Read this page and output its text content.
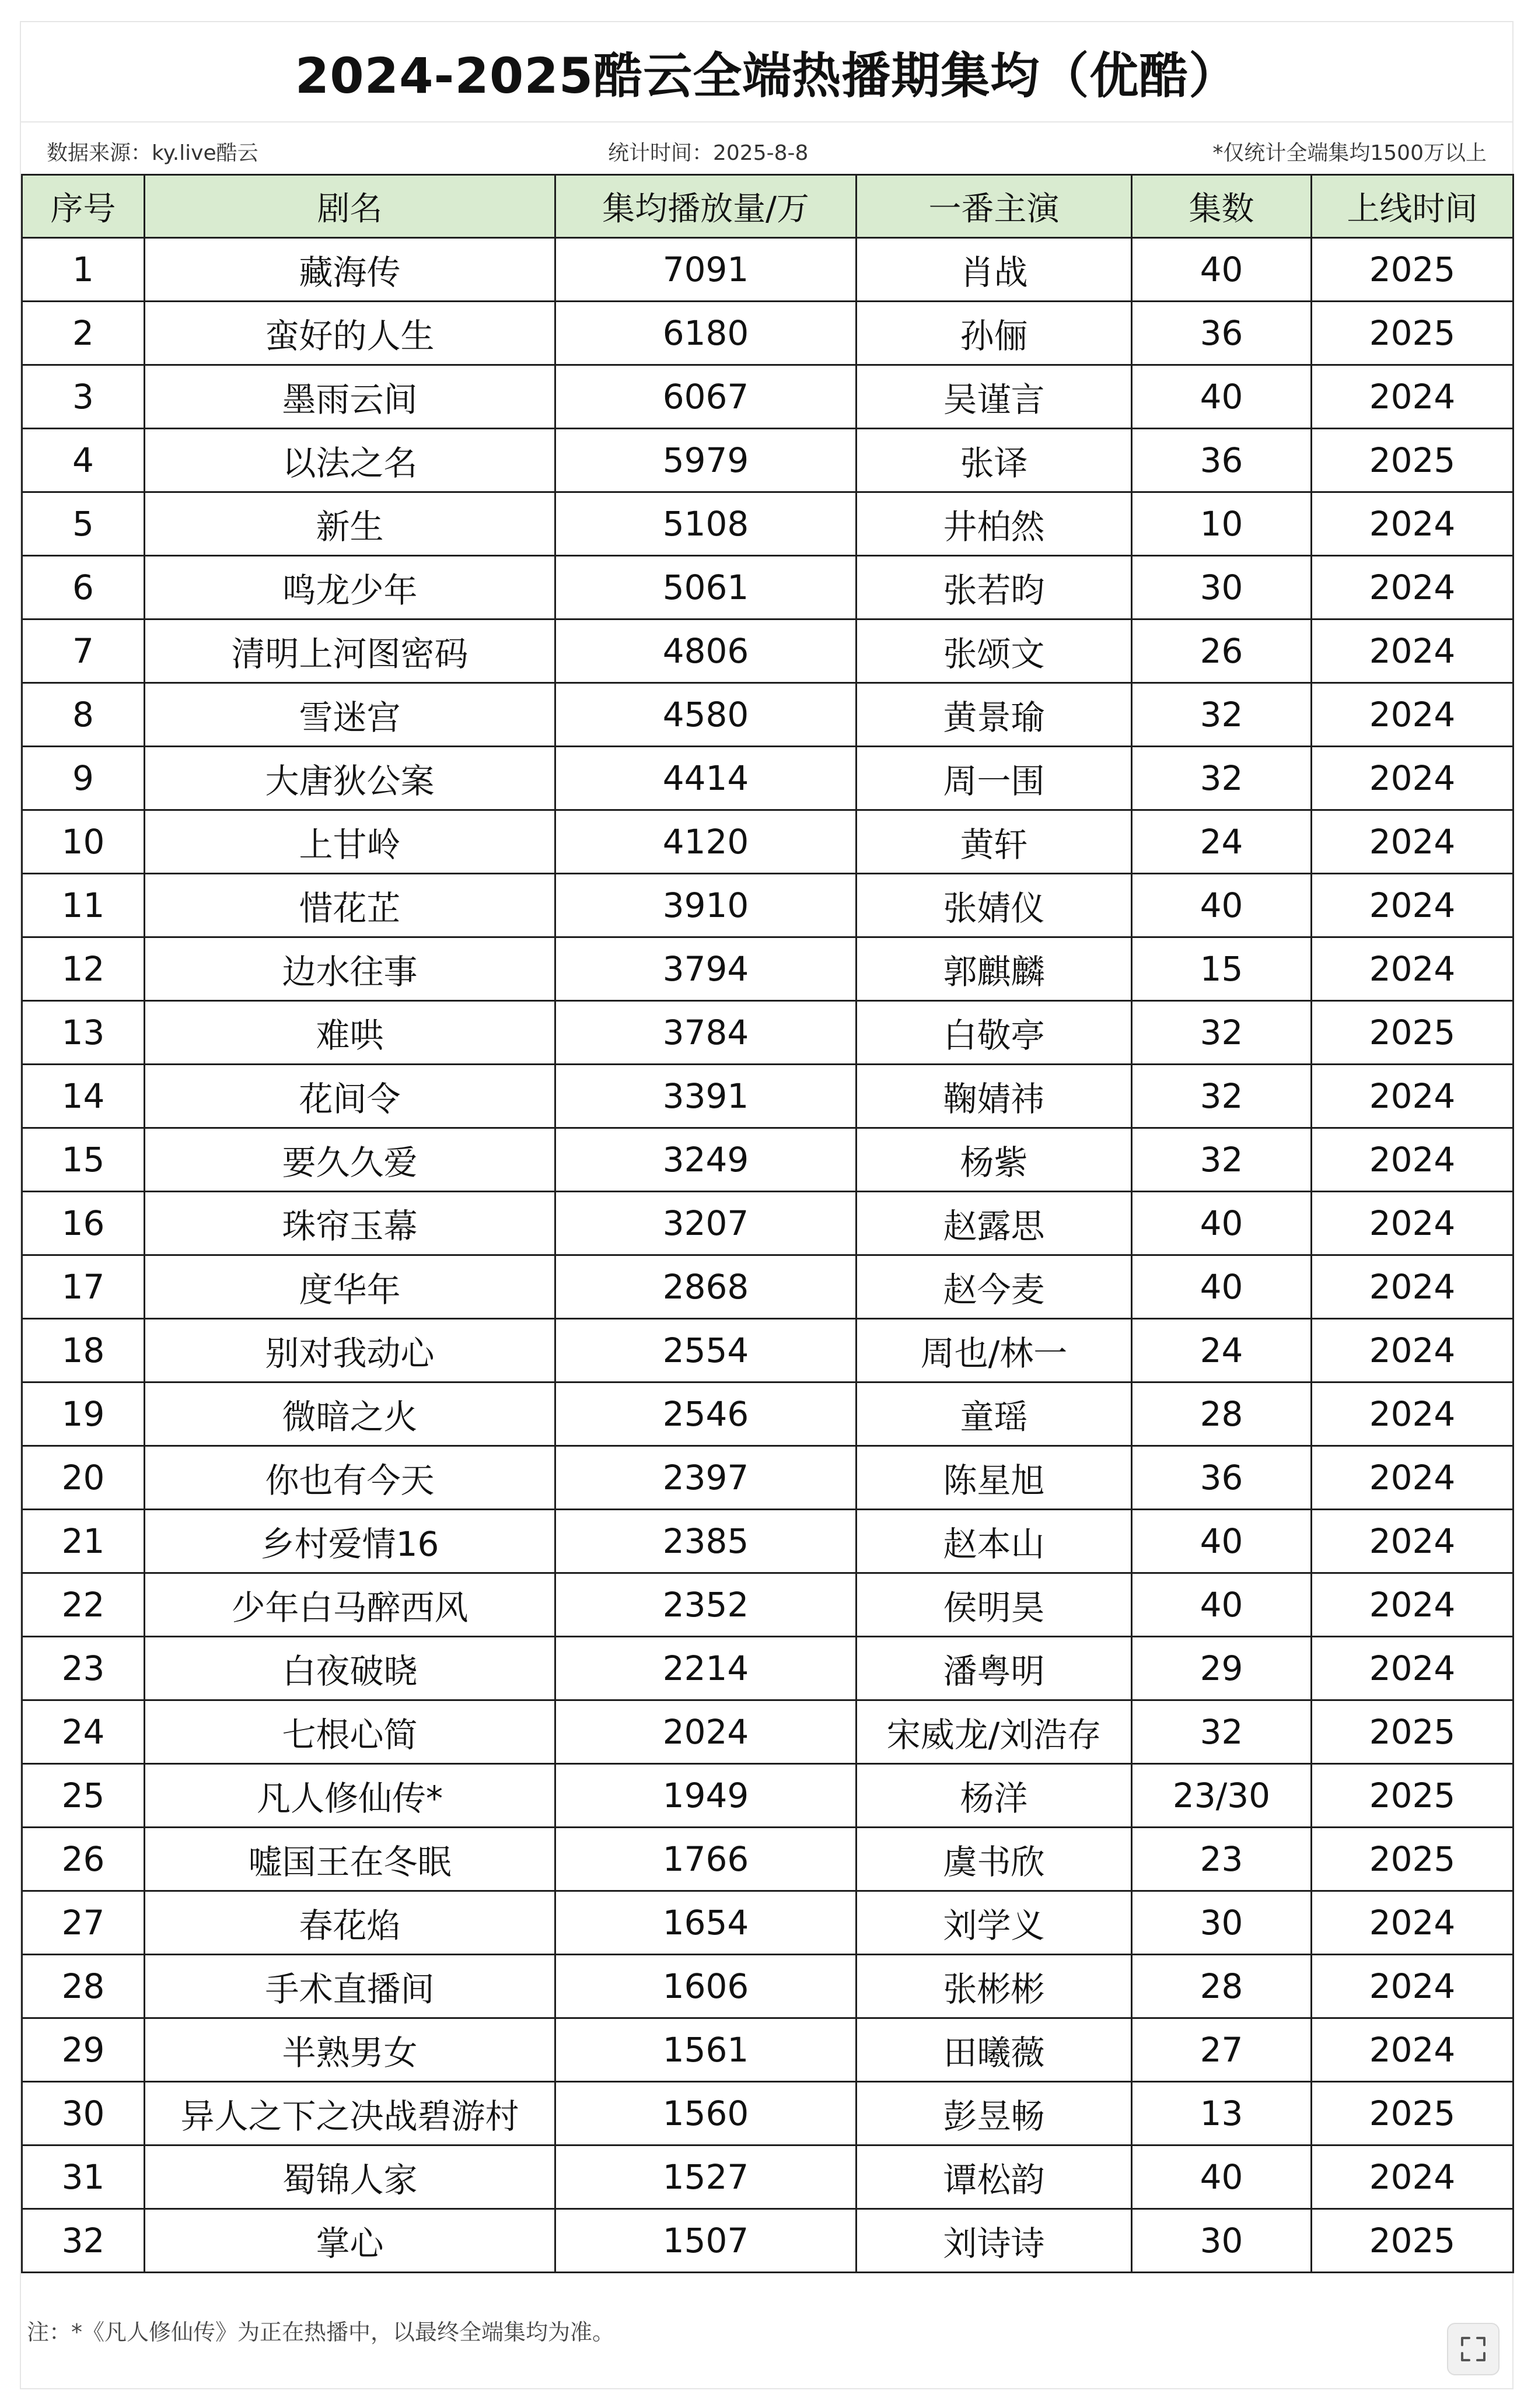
2024-2025酷云全端热播期集均（优酷）
数据来源：ky.live酷云	统计时间：2025-8-8	*仅统计全端集均1500万以上
序号	剧名	集均播放量/万	一番主演	集数	上线时间
1	藏海传	7091	肖战	40	2025
2	蛮好的人生	6180	孙俪	36	2025
3	墨雨云间	6067	吴谨言	40	2024
4	以法之名	5979	张译	36	2025
5	新生	5108	井柏然	10	2024
6	鸣龙少年	5061	张若昀	30	2024
7	清明上河图密码	4806	张颂文	26	2024
8	雪迷宫	4580	黄景瑜	32	2024
9	大唐狄公案	4414	周一围	32	2024
10	上甘岭	4120	黄轩	24	2024
11	惜花芷	3910	张婧仪	40	2024
12	边水往事	3794	郭麒麟	15	2024
13	难哄	3784	白敬亭	32	2025
14	花间令	3391	鞠婧祎	32	2024
15	要久久爱	3249	杨紫	32	2024
16	珠帘玉幕	3207	赵露思	40	2024
17	度华年	2868	赵今麦	40	2024
18	别对我动心	2554	周也/林一	24	2024
19	微暗之火	2546	童瑶	28	2024
20	你也有今天	2397	陈星旭	36	2024
21	乡村爱情16	2385	赵本山	40	2024
22	少年白马醉西风	2352	侯明昊	40	2024
23	白夜破晓	2214	潘粤明	29	2024
24	七根心简	2024	宋威龙/刘浩存	32	2025
25	凡人修仙传*	1949	杨洋	23/30	2025
26	嘘国王在冬眠	1766	虞书欣	23	2025
27	春花焰	1654	刘学义	30	2024
28	手术直播间	1606	张彬彬	28	2024
29	半熟男女	1561	田曦薇	27	2024
30	异人之下之决战碧游村	1560	彭昱畅	13	2025
31	蜀锦人家	1527	谭松韵	40	2024
32	掌心	1507	刘诗诗	30	2025
注：*《凡人修仙传》为正在热播中，以最终全端集均为准。
